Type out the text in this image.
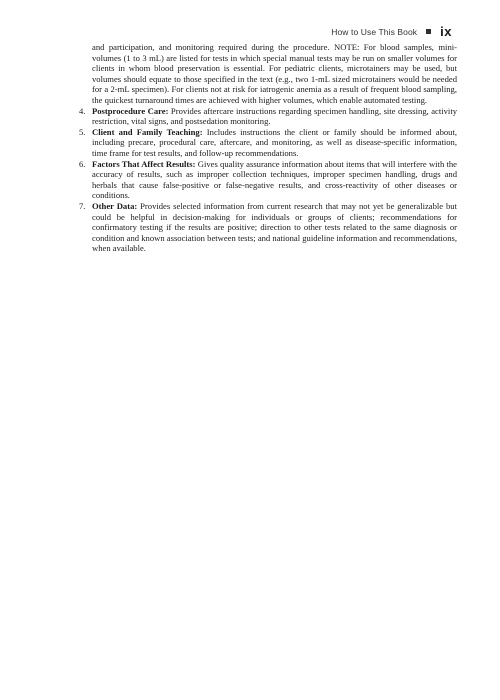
How to Use This Book ix

and participation, and monitoring required during the procedure. NOTE: For blood samples, mini-volumes (1 to 3 mL) are listed for tests in which special manual tests may be run on smaller volumes for clients in whom blood preservation is essential. For pediatric clients, microtainers may be used, but volumes should equate to those specified in the text (e.g., two 1-mL sized microtainers would be needed for a 2-mL specimen). For clients not at risk for iatrogenic anemia as a result of frequent blood sampling, the quickest turnaround times are achieved with higher volumes, which enable automated testing.

4. Postprocedure Care: Provides aftercare instructions regarding specimen handling, site dressing, activity restriction, vital signs, and postsedation monitoring.
5. Client and Family Teaching: Includes instructions the client or family should be informed about, including precare, procedural care, aftercare, and monitoring, as well as disease-specific information, time frame for test results, and follow-up recommendations.
6. Factors That Affect Results: Gives quality assurance information about items that will interfere with the accuracy of results, such as improper collection techniques, improper specimen handling, drugs and herbals that cause false-positive or false-negative results, and cross-reactivity of other diseases or conditions.
7. Other Data: Provides selected information from current research that may not yet be generalizable but could be helpful in decision-making for individuals or groups of clients; recommendations for confirmatory testing if the results are positive; direction to other tests related to the same diagnosis or condition and known association between tests; and national guideline information and recommendations, when available.
